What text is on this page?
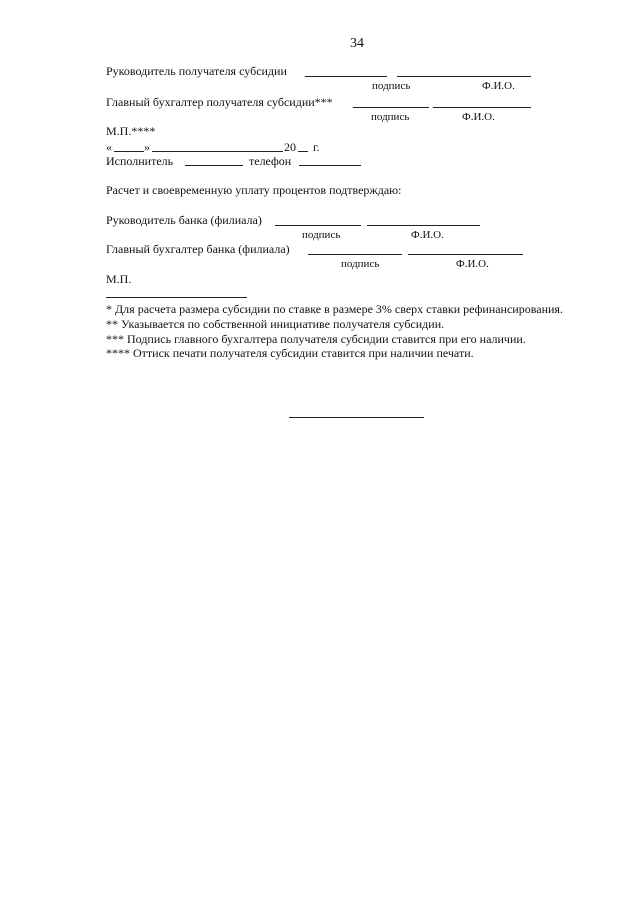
34
Руководитель получателя субсидии
подпись	Ф.И.О.
Главный бухгалтер получателя субсидии***
подпись	Ф.И.О.
М.П.****
«	»	20 г.
Исполнитель	телефон
Расчет и своевременную уплату процентов подтверждаю:
Руководитель банка (филиала)
подпись	Ф.И.О.
Главный бухгалтер банка (филиала)
подпись	Ф.И.О.
М.П.
* Для расчета размера субсидии по ставке в размере 3% сверх ставки рефинансирования.
** Указывается по собственной инициативе получателя субсидии.
*** Подпись главного бухгалтера получателя субсидии ставится при его наличии.
**** Оттиск печати получателя субсидии ставится при наличии печати.
